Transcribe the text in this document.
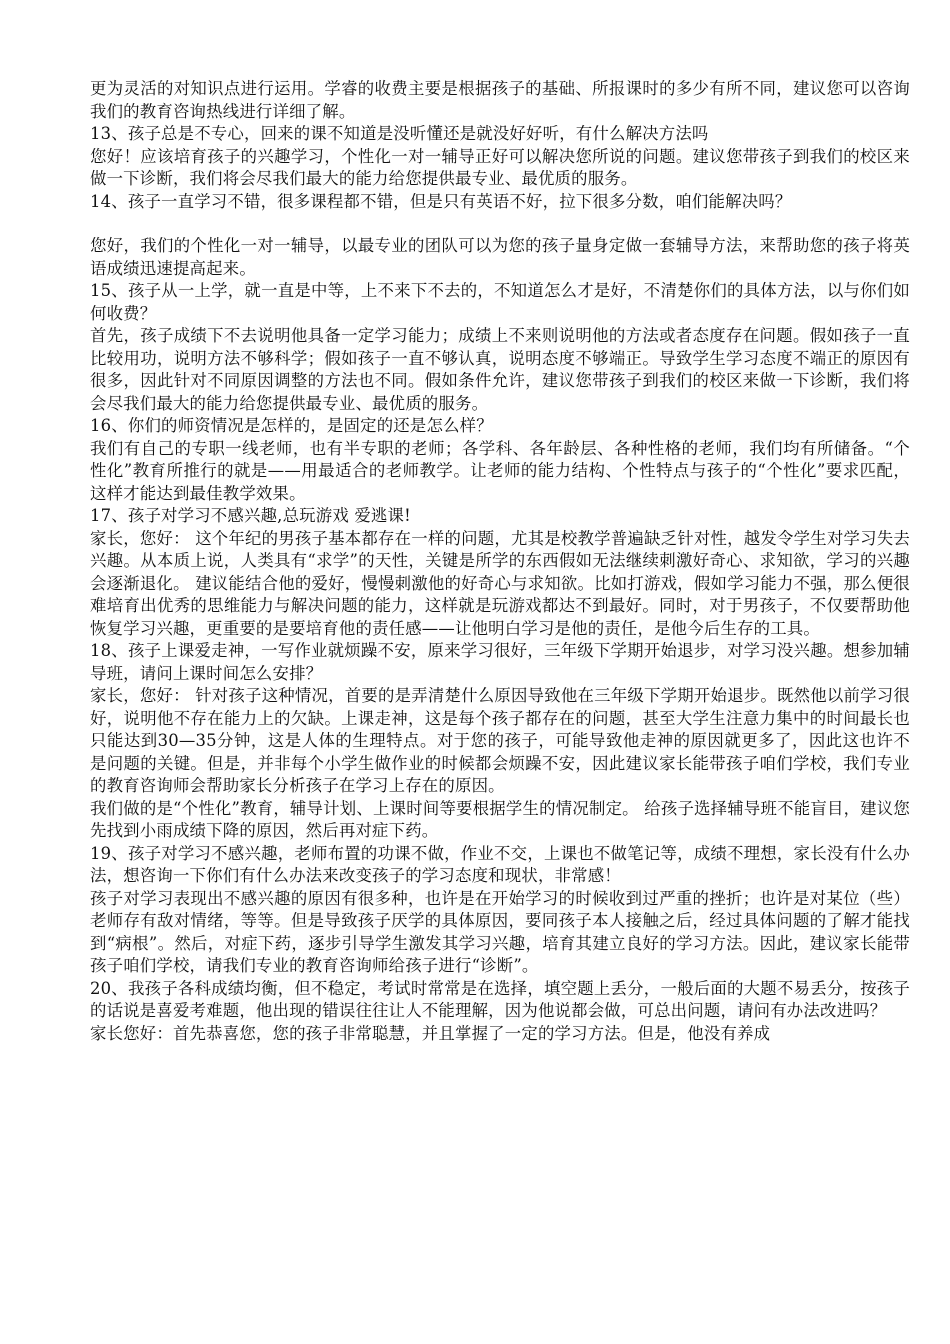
更为灵活的对知识点进行运用。学睿的收费主要是根据孩子的基础、所报课时的多少有所不同，建议您可以咨询我们的教育咨询热线进行详细了解。

13、孩子总是不专心，回来的课不知道是没听懂还是就没好好听，有什么解决方法吗

您好！应该培育孩子的兴趣学习，个性化一对一辅导正好可以解决您所说的问题。建议您带孩子到我们的校区来做一下诊断，我们将会尽我们最大的能力给您提供最专业、最优质的服务。

14、孩子一直学习不错，很多课程都不错，但是只有英语不好，拉下很多分数，咱们能解决吗？

您好，我们的个性化一对一辅导，以最专业的团队可以为您的孩子量身定做一套辅导方法，来帮助您的孩子将英语成绩迅速提高起来。

15、孩子从一上学，就一直是中等，上不来下不去的，不知道怎么才是好，不清楚你们的具体方法，以与你们如何收费？

首先，孩子成绩下不去说明他具备一定学习能力；成绩上不来则说明他的方法或者态度存在问题。假如孩子一直比较用功，说明方法不够科学；假如孩子一直不够认真，说明态度不够端正。导致学生学习态度不端正的原因有很多，因此针对不同原因调整的方法也不同。假如条件允许，建议您带孩子到我们的校区来做一下诊断，我们将会尽我们最大的能力给您提供最专业、最优质的服务。

16、你们的师资情况是怎样的，是固定的还是怎么样？

我们有自己的专职一线老师，也有半专职的老师；各学科、各年龄层、各种性格的老师，我们均有所储备。“个性化”教育所推行的就是——用最适合的老师教学。让老师的能力结构、个性特点与孩子的“个性化”要求匹配，这样才能达到最佳教学效果。

17、孩子对学习不感兴趣,总玩游戏 爱逃课!

家长，您好： 这个年纪的男孩子基本都存在一样的问题，尤其是校教学普遍缺乏针对性，越发令学生对学习失去兴趣。从本质上说，人类具有“求学”的天性，关键是所学的东西假如无法继续刺激好奇心、求知欲，学习的兴趣会逐渐退化。 建议能结合他的爱好，慢慢刺激他的好奇心与求知欲。比如打游戏，假如学习能力不强，那么便很难培育出优秀的思维能力与解决问题的能力，这样就是玩游戏都达不到最好。同时，对于男孩子，不仅要帮助他恢复学习兴趣，更重要的是要培育他的责任感——让他明白学习是他的责任，是他今后生存的工具。

18、孩子上课爱走神，一写作业就烦躁不安，原来学习很好，三年级下学期开始退步，对学习没兴趣。想参加辅导班，请问上课时间怎么安排？

家长，您好： 针对孩子这种情况，首要的是弄清楚什么原因导致他在三年级下学期开始退步。既然他以前学习很好，说明他不存在能力上的欠缺。上课走神，这是每个孩子都存在的问题，甚至大学生注意力集中的时间最长也只能达到30—35分钟，这是人体的生理特点。对于您的孩子，可能导致他走神的原因就更多了，因此这也许不是问题的关键。但是，并非每个小学生做作业的时候都会烦躁不安，因此建议家长能带孩子咱们学校，我们专业的教育咨询师会帮助家长分析孩子在学习上存在的原因。

我们做的是“个性化”教育，辅导计划、上课时间等要根据学生的情况制定。 给孩子选择辅导班不能盲目，建议您先找到小雨成绩下降的原因，然后再对症下药。

19、孩子对学习不感兴趣，老师布置的功课不做，作业不交，上课也不做笔记等，成绩不理想，家长没有什么办法，想咨询一下你们有什么办法来改变孩子的学习态度和现状，非常感！

孩子对学习表现出不感兴趣的原因有很多种，也许是在开始学习的时候收到过严重的挫折；也许是对某位（些）老师存有敌对情绪，等等。但是导致孩子厌学的具体原因，要同孩子本人接触之后，经过具体问题的了解才能找到“病根”。然后，对症下药，逐步引导学生激发其学习兴趣，培育其建立良好的学习方法。因此，建议家长能带孩子咱们学校，请我们专业的教育咨询师给孩子进行“诊断”。

20、我孩子各科成绩均衡，但不稳定，考试时常常是在选择，填空题上丢分，一般后面的大题不易丢分，按孩子的话说是喜爱考难题，他出现的错误往往让人不能理解，因为他说都会做，可总出问题，请问有办法改进吗？

家长您好：首先恭喜您，您的孩子非常聪慧，并且掌握了一定的学习方法。但是，他没有养成
